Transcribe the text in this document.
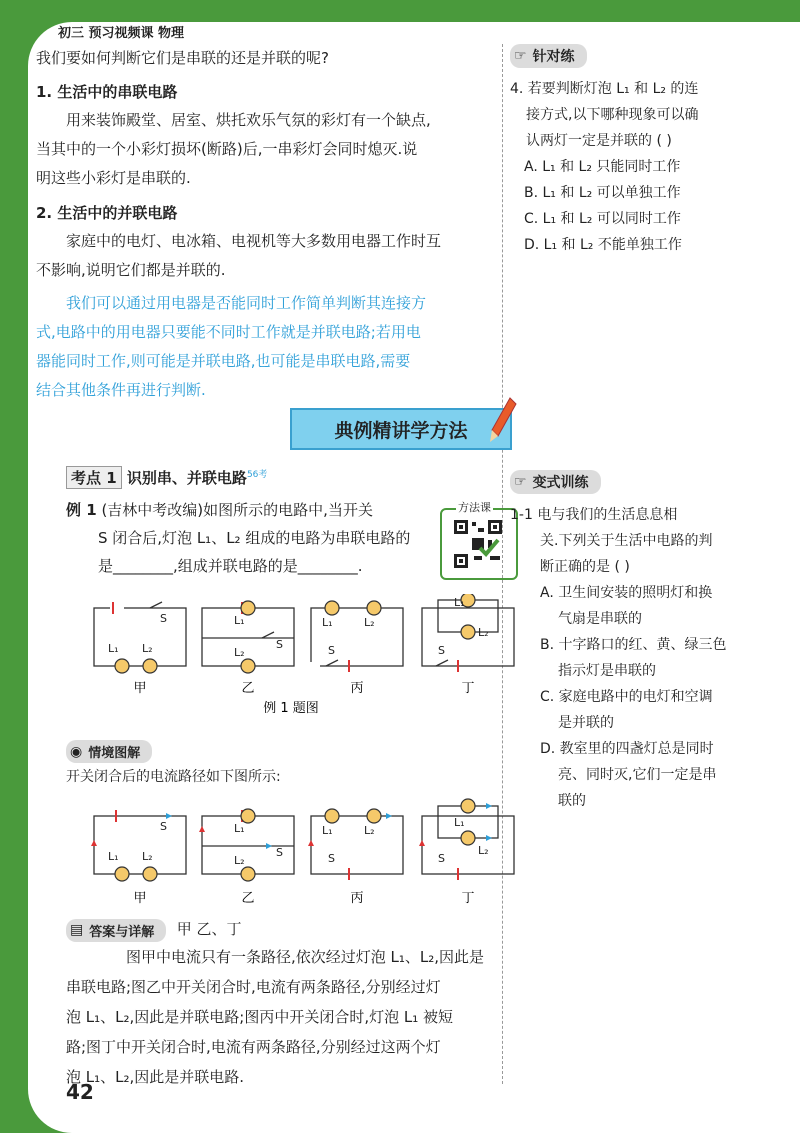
初三 预习视频课 物理

我们要如何判断它们是串联的还是并联的呢?

1. 生活中的串联电路

用来装饰殿堂、居室、烘托欢乐气氛的彩灯有一个缺点,

当其中的一个小彩灯损坏(断路)后,一串彩灯会同时熄灭.说

明这些小彩灯是串联的.

2. 生活中的并联电路

家庭中的电灯、电冰箱、电视机等大多数用电器工作时互

不影响,说明它们都是并联的.

我们可以通过用电器是否能同时工作简单判断其连接方

式,电路中的用电器只要能不同时工作就是并联电路;若用电

器能同时工作,则可能是并联电路,也可能是串联电路,需要

结合其他条件再进行判断.

☞ 针对练

4. 若要判断灯泡 L₁ 和 L₂ 的连

接方式,以下哪种现象可以确

认两灯一定是并联的 ( )

A. L₁ 和 L₂ 只能同时工作

B. L₁ 和 L₂ 可以单独工作

C. L₁ 和 L₂ 可以同时工作

D. L₁ 和 L₂ 不能单独工作

典例精讲学方法
考点 1 识别串、并联电路$^{56考}$

例 1 (吉林中考改编)如图所示的电路中,当开关

S 闭合后,灯泡 L₁、L₂ 组成的电路为串联电路的

是________,组成并联电路的是________.

方法课
S
L₁ L₂
L₁
L₂
S
L₁	L₂
S
L₁
L₂
S
甲	乙	丙	丁
例 1 题图
◉ 情境图解
开关闭合后的电流路径如下图所示:
S
L₁ L₂
L₁
L₂
S
L₁	L₂
S
L₁
L₂
S
甲	乙	丙	丁
▤ 答案与详解 甲 乙、丁

图甲中电流只有一条路径,依次经过灯泡 L₁、L₂,因此是

串联电路;图乙中开关闭合时,电流有两条路径,分别经过灯

泡 L₁、L₂,因此是并联电路;图丙中开关闭合时,灯泡 L₁ 被短

路;图丁中开关闭合时,电流有两条路径,分别经过这两个灯

泡 L₁、L₂,因此是并联电路.

☞ 变式训练

1-1 电与我们的生活息息相

关.下列关于生活中电路的判

断正确的是 ( )

A. 卫生间安装的照明灯和换

气扇是串联的

B. 十字路口的红、黄、绿三色

指示灯是串联的

C. 家庭电路中的电灯和空调

是并联的

D. 教室里的四盏灯总是同时

亮、同时灭,它们一定是串

联的

42
